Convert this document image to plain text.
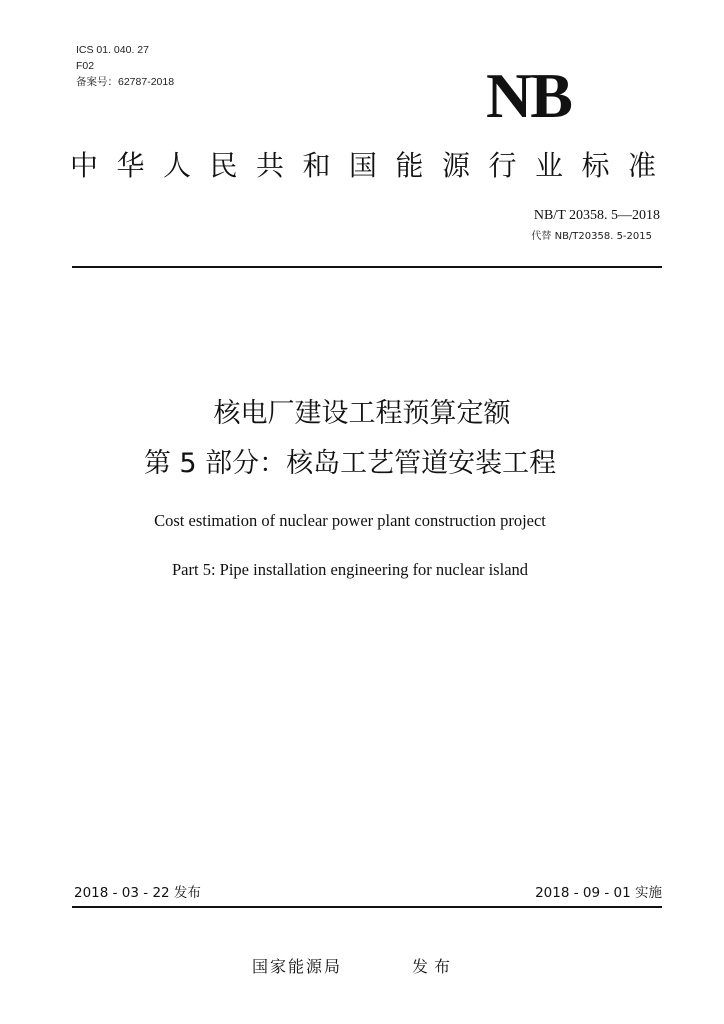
ICS 01. 040. 27
F02
备案号：62787-2018	NB
中华人民共和国能源行业标准
NB/T 20358. 5—2018
代替 NB/T20358. 5-2015
核电厂建设工程预算定额
第 5 部分：核岛工艺管道安装工程
Cost estimation of nuclear power plant construction project
Part 5: Pipe installation engineering for nuclear island
2018 - 03 - 22 发布	2018 - 09 - 01 实施
国家能源局	发布
